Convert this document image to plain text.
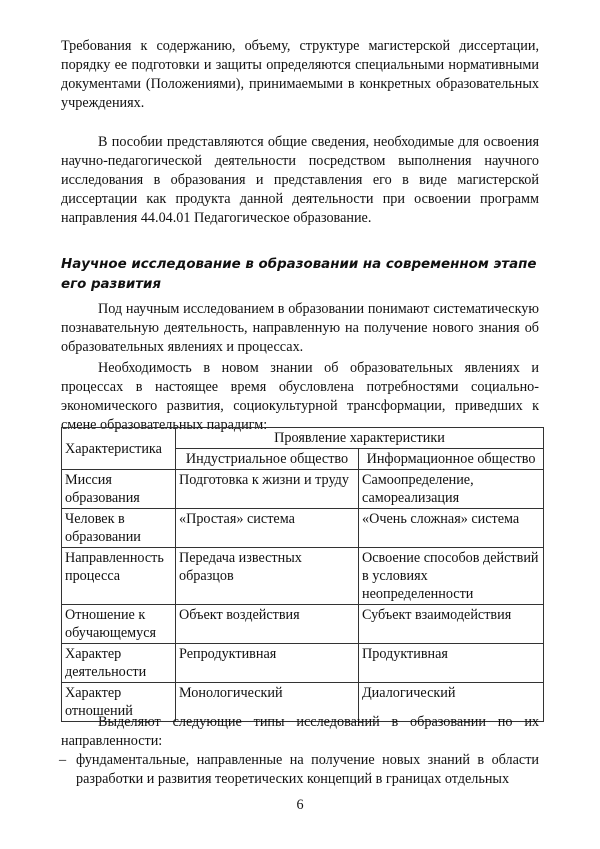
Требования к содержанию, объему, структуре магистерской диссертации, порядку ее подготовки и защиты определяются специальными нормативными документами (Положениями), принимаемыми в конкретных образовательных учреждениях.

В пособии представляются общие сведения, необходимые для освоения научно-педагогической деятельности посредством выполнения научного исследования в образования и представления его в виде магистерской диссертации как продукта данной деятельности при освоении программ направления 44.04.01 Педагогическое образование.

Научное исследование в образовании на современном этапе его развития

Под научным исследованием в образовании понимают систематическую познавательную деятельность, направленную на получение нового знания об образовательных явлениях и процессах.

Необходимость в новом знании об образовательных явлениях и процессах в настоящее время обусловлена потребностями социально-экономического развития, социокультурной трансформации, приведших к смене образовательных парадигм:

Характеристика	Проявление характеристики	
	Индустриальное общество	Информационное общество
Миссия образования	Подготовка к жизни и труду	Самоопределение, самореализация
Человек в образовании	«Простая» система	«Очень сложная» система
Направленность процесса	Передача известных образцов	Освоение способов действий в условиях неопределенности
Отношение к обучающемуся	Объект воздействия	Субъект взаимодействия
Характер деятельности	Репродуктивная	Продуктивная
Характер отношений	Монологический	Диалогический

Выделяют следующие типы исследований в образовании по их направленности:

– фундаментальные, направленные на получение новых знаний в области разработки и развития теоретических концепций в границах отдельных

6
